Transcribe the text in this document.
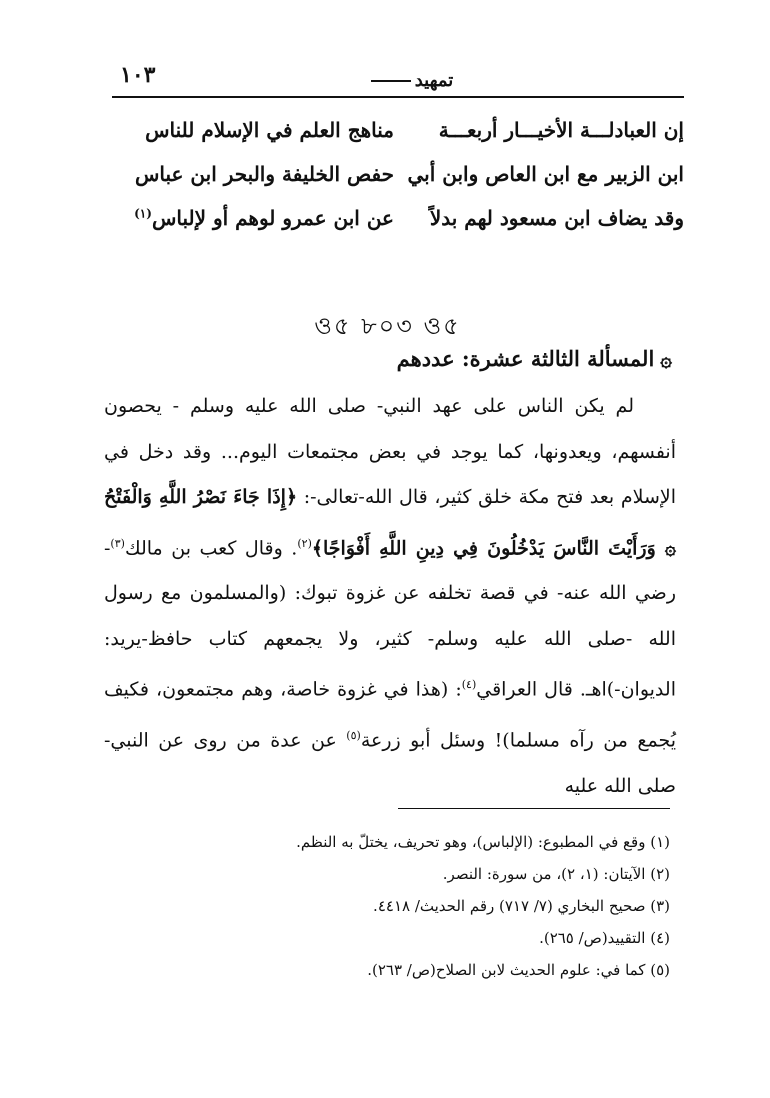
١٠٣	تمهيد
إن العبادلـــة الأخيـــار أربعـــة
مناهج العلم في الإسلام للناس
ابن الزبير مع ابن العاص وابن أبي
حفص الخليفة والبحر ابن عباس
وقد يضاف ابن مسعود لهم بدلاً
عن ابن عمرو لوهم أو لإلباس$^{(١)}$
ও৫ ৮০৩ ও৫
۞المسألة الثالثة عشرة: عددهم

لم يكن الناس على عهد النبي- صلى الله عليه وسلم - يحصون أنفسهم، ويعدونها، كما يوجد في بعض مجتمعات اليوم... وقد دخل في الإسلام بعد فتح مكة خلق كثير، قال الله-تعالى-: ﴿إِذَا جَاءَ نَصْرُ اللَّهِ وَالْفَتْحُ ۞ وَرَأَيْتَ النَّاسَ يَدْخُلُونَ فِي دِينِ اللَّهِ أَفْوَاجًا﴾$^{(٢)}$. وقال كعب بن مالك$^{(٣)}$-رضي الله عنه- في قصة تخلفه عن غزوة تبوك: (والمسلمون مع رسول الله -صلى الله عليه وسلم- كثير، ولا يجمعهم كتاب حافظ-يريد: الديوان-)اهـ. قال العراقي$^{(٤)}$: (هذا في غزوة خاصة، وهم مجتمعون، فكيف يُجمع من رآه مسلما)! وسئل أبو زرعة$^{(٥)}$ عن عدة من روى عن النبي- صلى الله عليه

(١) وقع في المطبوع: (الإلباس)، وهو تحريف، يختلّ به النظم.
(٢) الآيتان: (١، ٢)، من سورة: النصر.
(٣) صحيح البخاري (٧/ ٧١٧) رقم الحديث/ ٤٤١٨.
(٤) التقييد(ص/ ٢٦٥).
(٥) كما في: علوم الحديث لابن الصلاح(ص/ ٢٦٣).
